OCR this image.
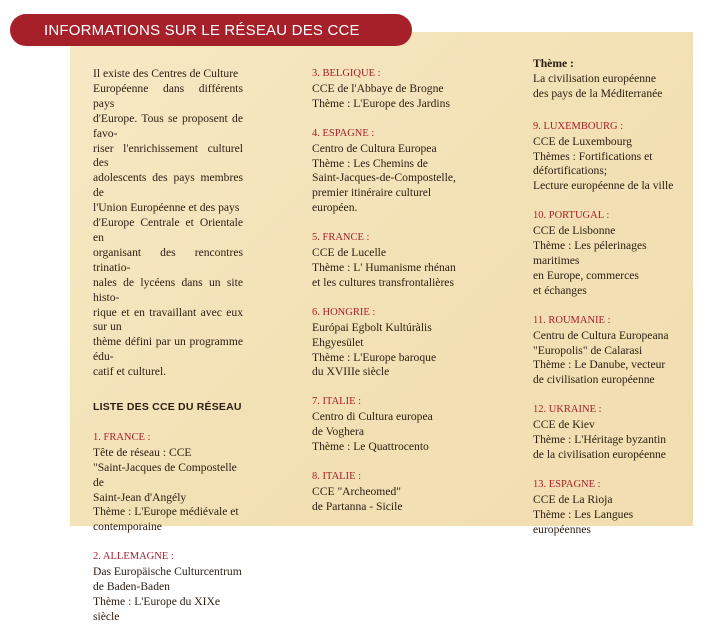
INFORMATIONS SUR LE RÉSEAU DES CCE

Il existe des Centres de Culture
Européenne dans différents pays
d'Europe. Tous se proposent de favo-
riser l'enrichissement culturel des
adolescents des pays membres de
l'Union Européenne et des pays
d'Europe Centrale et Orientale en
organisant des rencontres trinatio-
nales de lycéens dans un site histo-
rique et en travaillant avec eux sur un
thème défini par un programme édu-
catif et culturel.

LISTE DES CCE DU RÉSEAU
1. FRANCE :
Tête de réseau : CCE
"Saint-Jacques de Compostelle de
Saint-Jean d'Angély
Thème : L'Europe médiévale et
contemporaine
2. ALLEMAGNE :
Das Europäische Culturcentrum
de Baden-Baden
Thème : L'Europe du XIXe siècle
3. BELGIQUE :
CCE de l'Abbaye de Brogne
Thème : L'Europe des Jardins
4. ESPAGNE :
Centro de Cultura Europea
Thème : Les Chemins de
Saint-Jacques-de-Compostelle,
premier itinéraire culturel
européen.
5. FRANCE :
CCE de Lucelle
Thème : L' Humanisme rhénan
et les cultures transfrontalières
6. HONGRIE :
Európai Egbolt Kultúràlis
Ehgyesület
Thème : L'Europe baroque
du XVIIIe siècle
7. ITALIE :
Centro di Cultura europea
de Voghera
Thème : Le Quattrocento
8. ITALIE :
CCE "Archeomed"
de Partanna - Sicile
Thème :
La civilisation européenne
des pays de la Méditerranée
9. LUXEMBOURG :
CCE de Luxembourg
Thèmes : Fortifications et
défortifications;
Lecture européenne de la ville
10. PORTUGAL :
CCE de Lisbonne
Thème : Les pélerinages
maritimes
en Europe, commerces
et échanges
11. ROUMANIE :
Centru de Cultura Europeana
"Europolis" de Calarasi
Thème : Le Danube, vecteur
de civilisation européenne
12. UKRAINE :
CCE de Kiev
Thème : L'Héritage byzantin
de la civilisation européenne
13. ESPAGNE :
CCE de La Rioja
Thème : Les Langues européennes
